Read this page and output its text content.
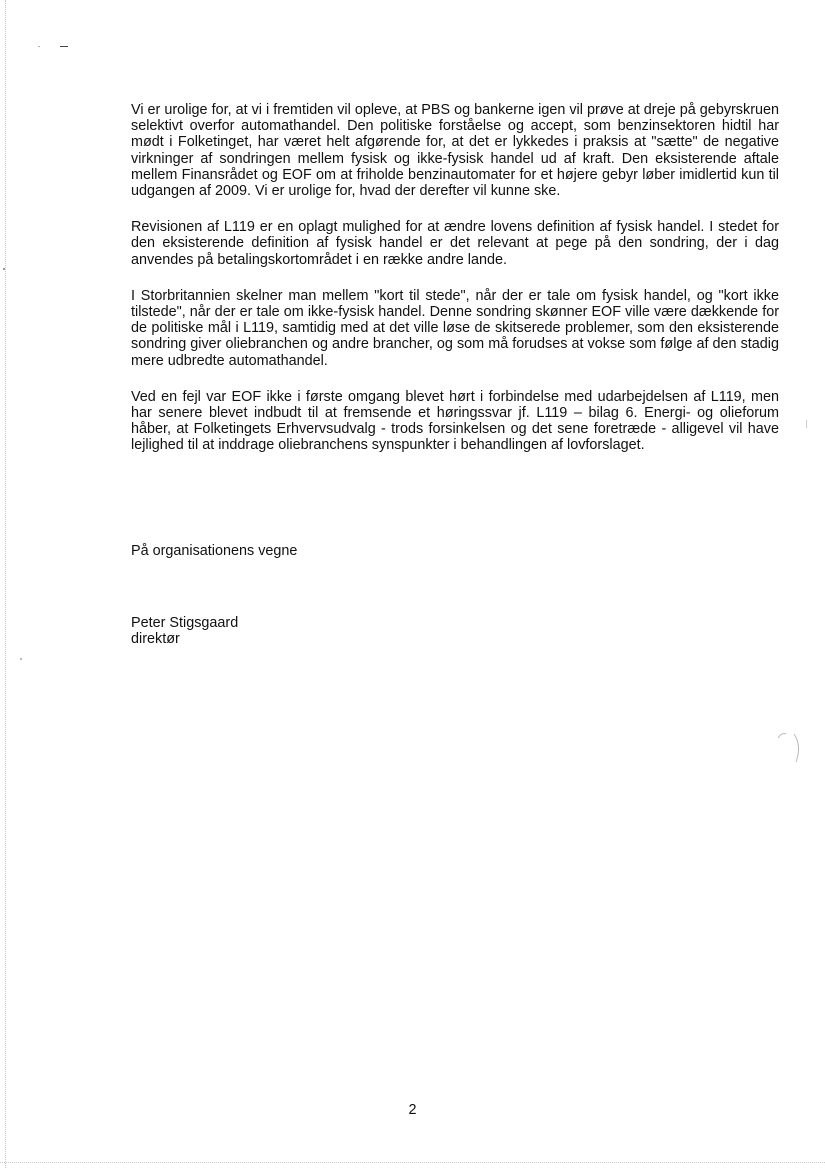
Vi er urolige for, at vi i fremtiden vil opleve, at PBS og bankerne igen vil prøve at dreje på gebyrskruen selektivt overfor automathandel. Den politiske forståelse og accept, som benzinsektoren hidtil har mødt i Folketinget, har været helt afgørende for, at det er lykkedes i praksis at "sætte" de negative virkninger af sondringen mellem fysisk og ikke-fysisk handel ud af kraft. Den eksisterende aftale mellem Finansrådet og EOF om at friholde benzinautomater for et højere gebyr løber imidlertid kun til udgangen af 2009. Vi er urolige for, hvad der derefter vil kunne ske.

Revisionen af L119 er en oplagt mulighed for at ændre lovens definition af fysisk handel. I stedet for den eksisterende definition af fysisk handel er det relevant at pege på den sondring, der i dag anvendes på betalingskortområdet i en række andre lande.

I Storbritannien skelner man mellem "kort til stede", når der er tale om fysisk handel, og "kort ikke tilstede", når der er tale om ikke-fysisk handel. Denne sondring skønner EOF ville være dækkende for de politiske mål i L119, samtidig med at det ville løse de skitserede problemer, som den eksisterende sondring giver oliebranchen og andre brancher, og som må forudses at vokse som følge af den stadig mere udbredte automathandel.

Ved en fejl var EOF ikke i første omgang blevet hørt i forbindelse med udarbejdelsen af L119, men har senere blevet indbudt til at fremsende et høringssvar jf. L119 – bilag 6. Energi- og olieforum håber, at Folketingets Erhvervsudvalg - trods forsinkelsen og det sene foretræde - alligevel vil have lejlighed til at inddrage oliebranchens synspunkter i behandlingen af lovforslaget.

På organisationens vegne
Peter Stigsgaard
direktør
2
